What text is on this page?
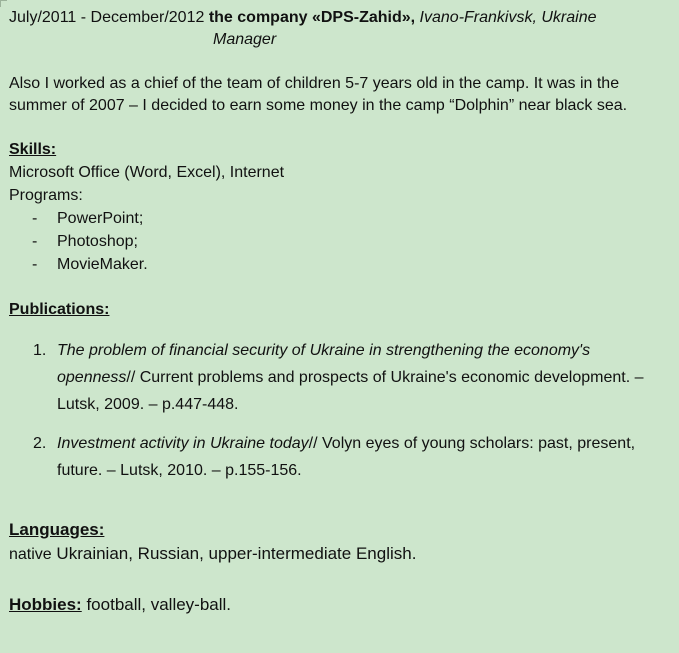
July/2011 - December/2012 the company «DPS-Zahid», Ivano-Frankivsk, Ukraine
Manager
Also I worked as a chief of the team of children 5-7 years old in the camp. It was in the summer of 2007 – I decided to earn some money in the camp “Dolphin” near black sea.
Skills:
Microsoft Office (Word, Excel), Internet
Programs:
- PowerPoint;
- Photoshop;
- MovieMaker.
Publications:
1. The problem of financial security of Ukraine in strengthening the economy's openness// Current problems and prospects of Ukraine's economic development. – Lutsk, 2009. – p.447-448.
2. Investment activity in Ukraine today// Volyn eyes of young scholars: past, present, future. – Lutsk, 2010. – p.155-156.
Languages:
native Ukrainian, Russian, upper-intermediate English.
Hobbies: football, valley-ball.
